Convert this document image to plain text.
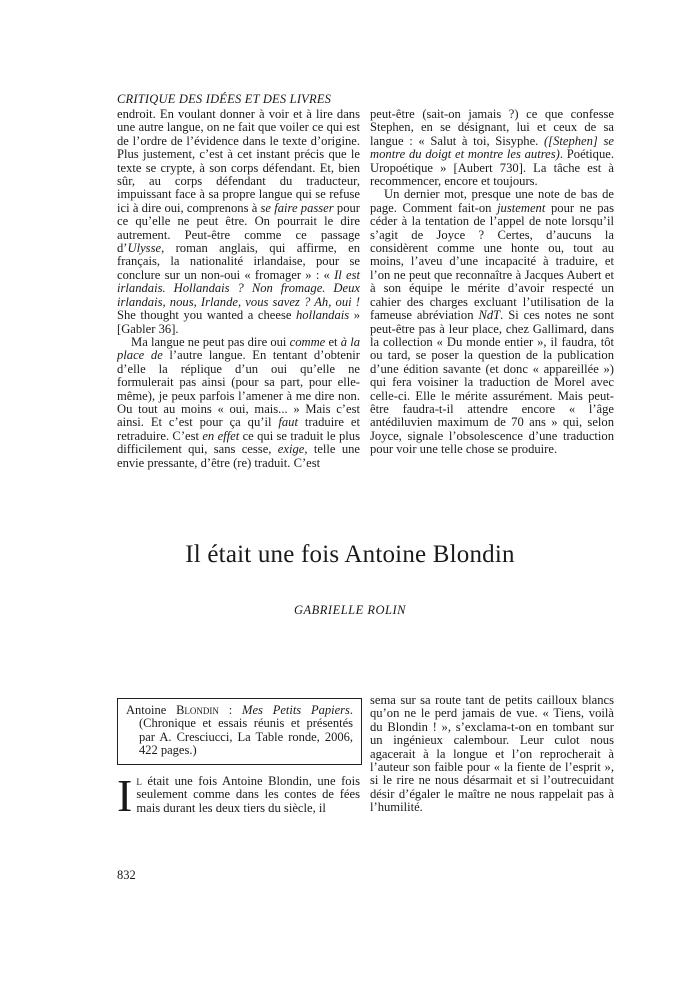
CRITIQUE DES IDÉES ET DES LIVRES

endroit. En voulant donner à voir et à lire dans une autre langue, on ne fait que voiler ce qui est de l’ordre de l’évidence dans le texte d’origine. Plus justement, c’est à cet instant précis que le texte se crypte, à son corps défendant. Et, bien sûr, au corps défendant du traducteur, impuissant face à sa propre langue qui se refuse ici à dire oui, comprenons à se faire passer pour ce qu’elle ne peut être. On pourrait le dire autrement. Peut-être comme ce passage d’Ulysse, roman anglais, qui affirme, en français, la nationalité irlandaise, pour se conclure sur un non-oui « fromager » : « Il est irlandais. Hollandais ? Non fromage. Deux irlandais, nous, Irlande, vous savez ? Ah, oui ! She thought you wanted a cheese hollandais » [Gabler 36].

Ma langue ne peut pas dire oui comme et à la place de l’autre langue. En tentant d’obtenir d’elle la réplique d’un oui qu’elle ne formulerait pas ainsi (pour sa part, pour elle-même), je peux parfois l’amener à me dire non. Ou tout au moins « oui, mais... » Mais c’est ainsi. Et c’est pour ça qu’il faut traduire et retraduire. C’est en effet ce qui se traduit le plus difficilement qui, sans cesse, exige, telle une envie pressante, d’être (re) traduit. C’est

peut-être (sait-on jamais ?) ce que confesse Stephen, en se désignant, lui et ceux de sa langue : « Salut à toi, Sisyphe. ([Stephen] se montre du doigt et montre les autres). Poétique. Uropoétique » [Aubert 730]. La tâche est à recommencer, encore et toujours.

Un dernier mot, presque une note de bas de page. Comment fait-on justement pour ne pas céder à la tentation de l’appel de note lorsqu’il s’agit de Joyce ? Certes, d’aucuns la considèrent comme une honte ou, tout au moins, l’aveu d’une incapacité à traduire, et l’on ne peut que reconnaître à Jacques Aubert et à son équipe le mérite d’avoir respecté un cahier des charges excluant l’utilisation de la fameuse abréviation NdT. Si ces notes ne sont peut-être pas à leur place, chez Gallimard, dans la collection « Du monde entier », il faudra, tôt ou tard, se poser la question de la publication d’une édition savante (et donc « appareillée ») qui fera voisiner la traduction de Morel avec celle-ci. Elle le mérite assurément. Mais peut-être faudra-t-il attendre encore « l’âge antédiluvien maximum de 70 ans » qui, selon Joyce, signale l’obsolescence d’une traduction pour voir une telle chose se produire.

Il était une fois Antoine Blondin
GABRIELLE ROLIN
Antoine Blondin : Mes Petits Papiers. (Chronique et essais réunis et présentés par A. Cresciucci, La Table ronde, 2006, 422 pages.)

Il était une fois Antoine Blondin, une fois seulement comme dans les contes de fées mais durant les deux tiers du siècle, il

sema sur sa route tant de petits cailloux blancs qu’on ne le perd jamais de vue. « Tiens, voilà du Blondin ! », s’exclama-t-on en tombant sur un ingénieux calembour. Leur culot nous agacerait à la longue et l’on reprocherait à l’auteur son faible pour « la fiente de l’esprit », si le rire ne nous désarmait et si l’outrecuidant désir d’égaler le maître ne nous rappelait pas à l’humilité.

832
